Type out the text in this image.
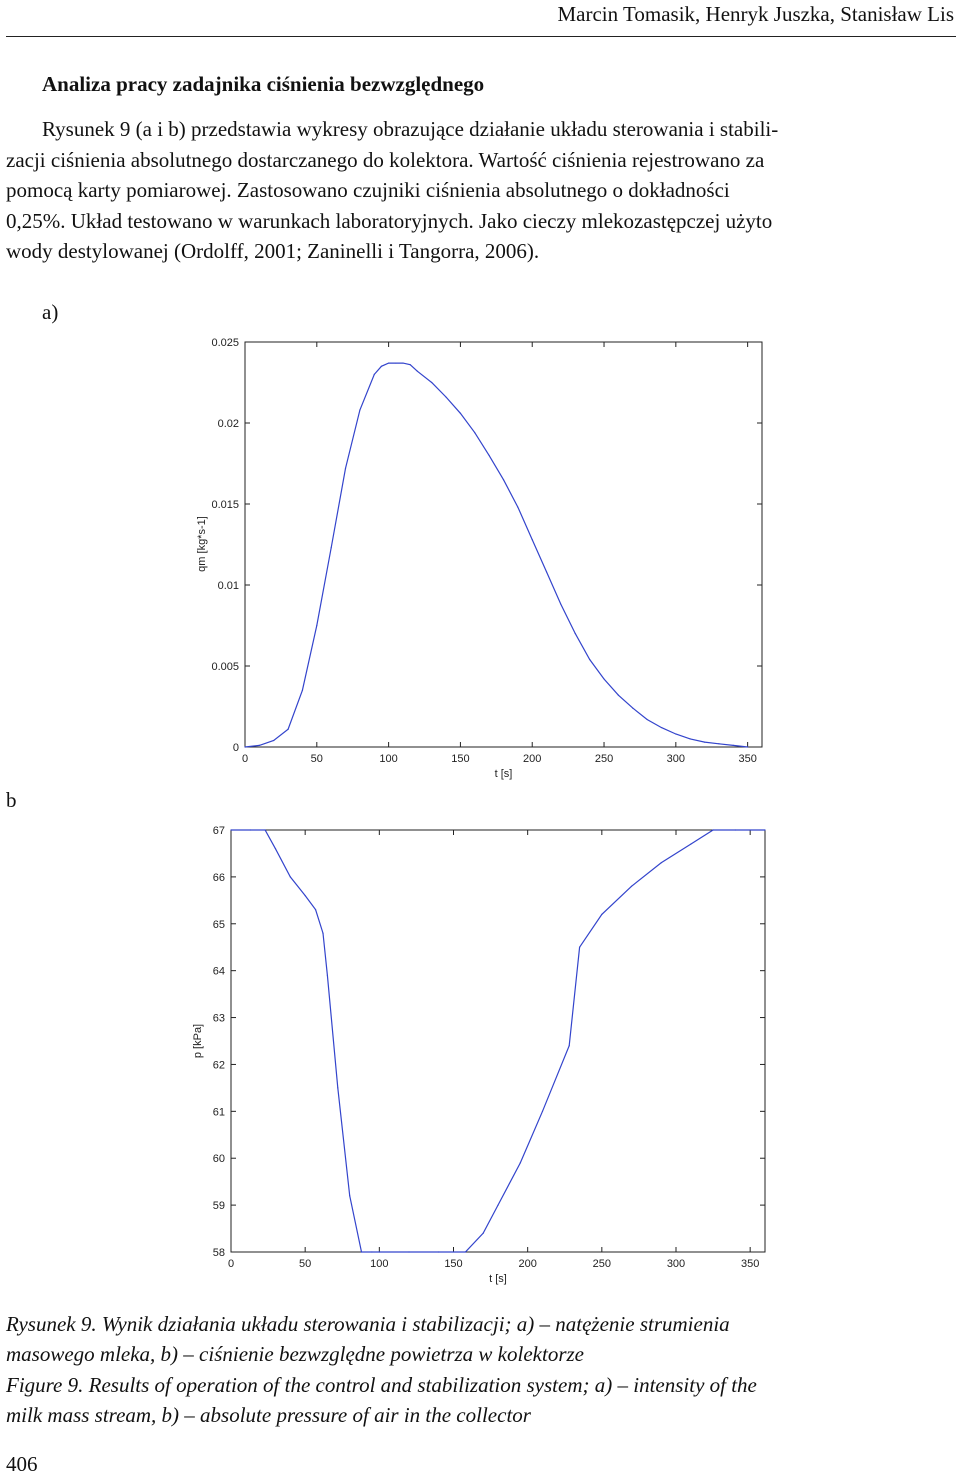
Marcin Tomasik, Henryk Juszka, Stanisław Lis
Analiza pracy zadajnika ciśnienia bezwzględnego

Rysunek 9 (a i b) przedstawia wykresy obrazujące działanie układu sterowania i stabili-
zacji ciśnienia absolutnego dostarczanego do kolektora. Wartość ciśnienia rejestrowano za
pomocą karty pomiarowej. Zastosowano czujniki ciśnienia absolutnego o dokładności
0,25%. Układ testowano w warunkach laboratoryjnych. Jako cieczy mlekozastępczej użyto
wody destylowanej (Ordolff, 2001; Zaninelli i Tangorra, 2006).

a)
b
0	50	100	150	200	250	300	350
0
0.005
0.01
0.015
0.02
0.025
t [s]
qm [kg*s-1]
0	50	100	150	200	250	300	350
58
59
60
61
62
63
64
65
66
67
t [s]
p [kPa]

Rysunek 9. Wynik działania układu sterowania i stabilizacji; a) – natężenie strumienia
masowego mleka, b) – ciśnienie bezwzględne powietrza w kolektorze

Figure 9. Results of operation of the control and stabilization system; a) – intensity of the
milk mass stream, b) – absolute pressure of air in the collector

406
